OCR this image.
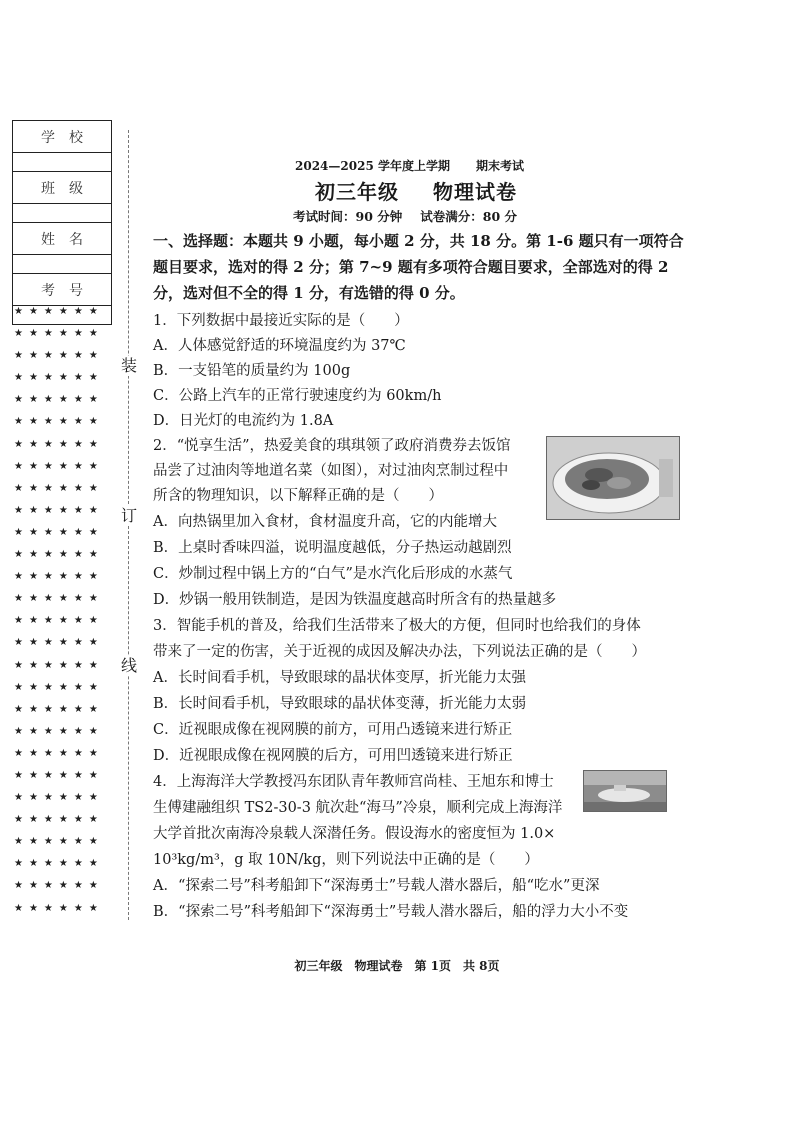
学校
班级
姓名
考号
★★★★★★
★★★★★★
★★★★★★
★★★★★★
★★★★★★
★★★★★★
★★★★★★
★★★★★★
★★★★★★
★★★★★★
★★★★★★
★★★★★★
★★★★★★
★★★★★★
★★★★★★
★★★★★★
★★★★★★
★★★★★★
★★★★★★
★★★★★★
★★★★★★
★★★★★★
★★★★★★
★★★★★★
★★★★★★
★★★★★★
★★★★★★
★★★★★★
装
订
线
2024—2025 学年度上学期 期末考试
初三年级 物理试卷
考试时间：90 分钟 试卷满分：80 分
一、选择题：本题共 9 小题，每小题 2 分，共 18 分。第 1-6 题只有一项符合
题目要求，选对的得 2 分；第 7~9 题有多项符合题目要求，全部选对的得 2
分，选对但不全的得 1 分，有选错的得 0 分。
1．下列数据中最接近实际的是（　　）
A．人体感觉舒适的环境温度约为 37℃
B．一支铅笔的质量约为 100g
C．公路上汽车的正常行驶速度约为 60km/h
D．日光灯的电流约为 1.8A
2．“悦享生活”，热爱美食的琪琪领了政府消费券去饭馆
品尝了过油肉等地道名菜（如图），对过油肉烹制过程中
所含的物理知识，以下解释正确的是（　　）
A．向热锅里加入食材，食材温度升高，它的内能增大
B．上桌时香味四溢，说明温度越低，分子热运动越剧烈
C．炒制过程中锅上方的“白气”是水汽化后形成的水蒸气
D．炒锅一般用铁制造，是因为铁温度越高时所含有的热量越多
3．智能手机的普及，给我们生活带来了极大的方便，但同时也给我们的身体
带来了一定的伤害，关于近视的成因及解决办法，下列说法正确的是（　　）
A．长时间看手机，导致眼球的晶状体变厚，折光能力太强
B．长时间看手机，导致眼球的晶状体变薄，折光能力太弱
C．近视眼成像在视网膜的前方，可用凸透镜来进行矫正
D．近视眼成像在视网膜的后方，可用凹透镜来进行矫正
4．上海海洋大学教授冯东团队青年教师宫尚桂、王旭东和博士
生傅建融组织 TS2-30-3 航次赴“海马”冷泉，顺利完成上海海洋
大学首批次南海冷泉载人深潜任务。假设海水的密度恒为 1.0×
10³kg/m³，g 取 10N/kg，则下列说法中正确的是（　　）
A．“探索二号”科考船卸下“深海勇士”号载人潜水器后，船“吃水”更深
B．“探索二号”科考船卸下“深海勇士”号载人潜水器后，船的浮力大小不变
初三年级　物理试卷　第 1页　共 8页
